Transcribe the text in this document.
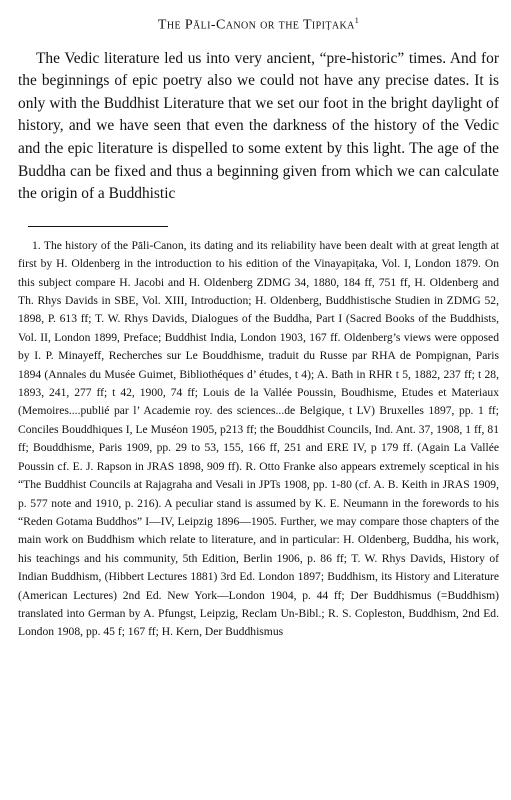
The Pāli-Canon or the Tipiṭaka$^1$

The Vedic literature led us into very ancient, “pre-historic” times. And for the beginnings of epic poetry also we could not have any precise dates. It is only with the Buddhist Literature that we set our foot in the bright daylight of history, and we have seen that even the darkness of the history of the Vedic and the epic literature is dispelled to some extent by this light. The age of the Buddha can be fixed and thus a beginning given from which we can calculate the origin of a Buddhistic

1. The history of the Pāli-Canon, its dating and its reliability have been dealt with at great length at first by H. Oldenberg in the introduction to his edition of the Vinayapiṭaka, Vol. I, London 1879. On this subject compare H. Jacobi and H. Oldenberg ZDMG 34, 1880, 184 ff, 751 ff, H. Oldenberg and Th. Rhys Davids in SBE, Vol. XIII, Introduction; H. Oldenberg, Buddhistische Studien in ZDMG 52, 1898, P. 613 ff; T. W. Rhys Davids, Dialogues of the Buddha, Part I (Sacred Books of the Buddhists, Vol. II, London 1899, Preface; Buddhist India, London 1903, 167 ff. Oldenberg’s views were opposed by I. P. Minayeff, Recherches sur Le Bouddhisme, traduit du Russe par RHA de Pompignan, Paris 1894 (Annales du Musée Guimet, Bibliothéques d’ études, t 4); A. Bath in RHR t 5, 1882, 237 ff; t 28, 1893, 241, 277 ff; t 42, 1900, 74 ff; Louis de la Vallée Poussin, Boudhisme, Etudes et Materiaux (Memoires....publié par l’ Academie roy. des sciences...de Belgique, t LV) Bruxelles 1897, pp. 1 ff; Conciles Bouddhiques I, Le Muséon 1905, p213 ff; the Bouddhist Councils, Ind. Ant. 37, 1908, 1 ff, 81 ff; Bouddhisme, Paris 1909, pp. 29 to 53, 155, 166 ff, 251 and ERE IV, p 179 ff. (Again La Vallée Poussin cf. E. J. Rapson in JRAS 1898, 909 ff). R. Otto Franke also appears extremely sceptical in his “The Buddhist Councils at Rajagraha and Vesali in JPTs 1908, pp. 1-80 (cf. A. B. Keith in JRAS 1909, p. 577 note and 1910, p. 216). A peculiar stand is assumed by K. E. Neumann in the forewords to his “Reden Gotama Buddhos” I—IV, Leipzig 1896—1905. Further, we may compare those chapters of the main work on Buddhism which relate to literature, and in particular: H. Oldenberg, Buddha, his work, his teachings and his community, 5th Edition, Berlin 1906, p. 86 ff; T. W. Rhys Davids, History of Indian Buddhism, (Hibbert Lectures 1881) 3rd Ed. London 1897; Buddhism, its History and Literature (American Lectures) 2nd Ed. New York—London 1904, p. 44 ff; Der Buddhismus (=Buddhism) translated into German by A. Pfungst, Leipzig, Reclam Un-Bibl.; R. S. Copleston, Buddhism, 2nd Ed. London 1908, pp. 45 f; 167 ff; H. Kern, Der Buddhismus
